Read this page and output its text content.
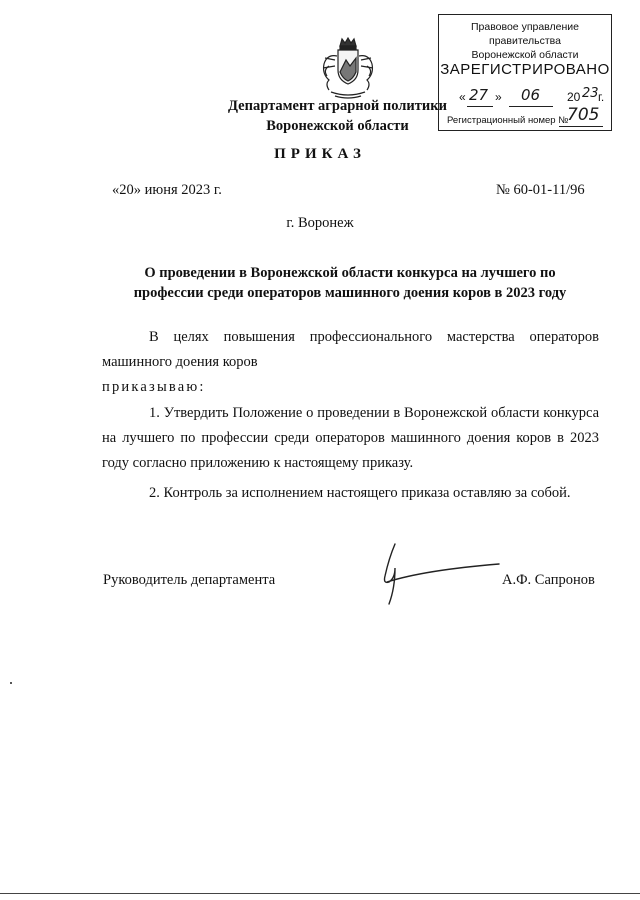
Департамент аграрной политики
Воронежской области
Правовое управление правительства
Воронежской области
ЗАРЕГИСТРИРОВАНО
« 27 » 06 20 23 г.
Регистрационный номер №
705
ПРИКАЗ
«20» июня 2023 г.	№ 60-01-11/96
г. Воронеж
О проведении в Воронежской области конкурса на лучшего по
профессии среди операторов машинного доения коров в 2023 году
В целях повышения профессионального мастерства операторов машинного доения коров
приказываю:
1. Утвердить Положение о проведении в Воронежской области конкурса на лучшего по профессии среди операторов машинного доения коров в 2023 году согласно приложению к настоящему приказу.
2. Контроль за исполнением настоящего приказа оставляю за собой.
Руководитель департамента	А.Ф. Сапронов
